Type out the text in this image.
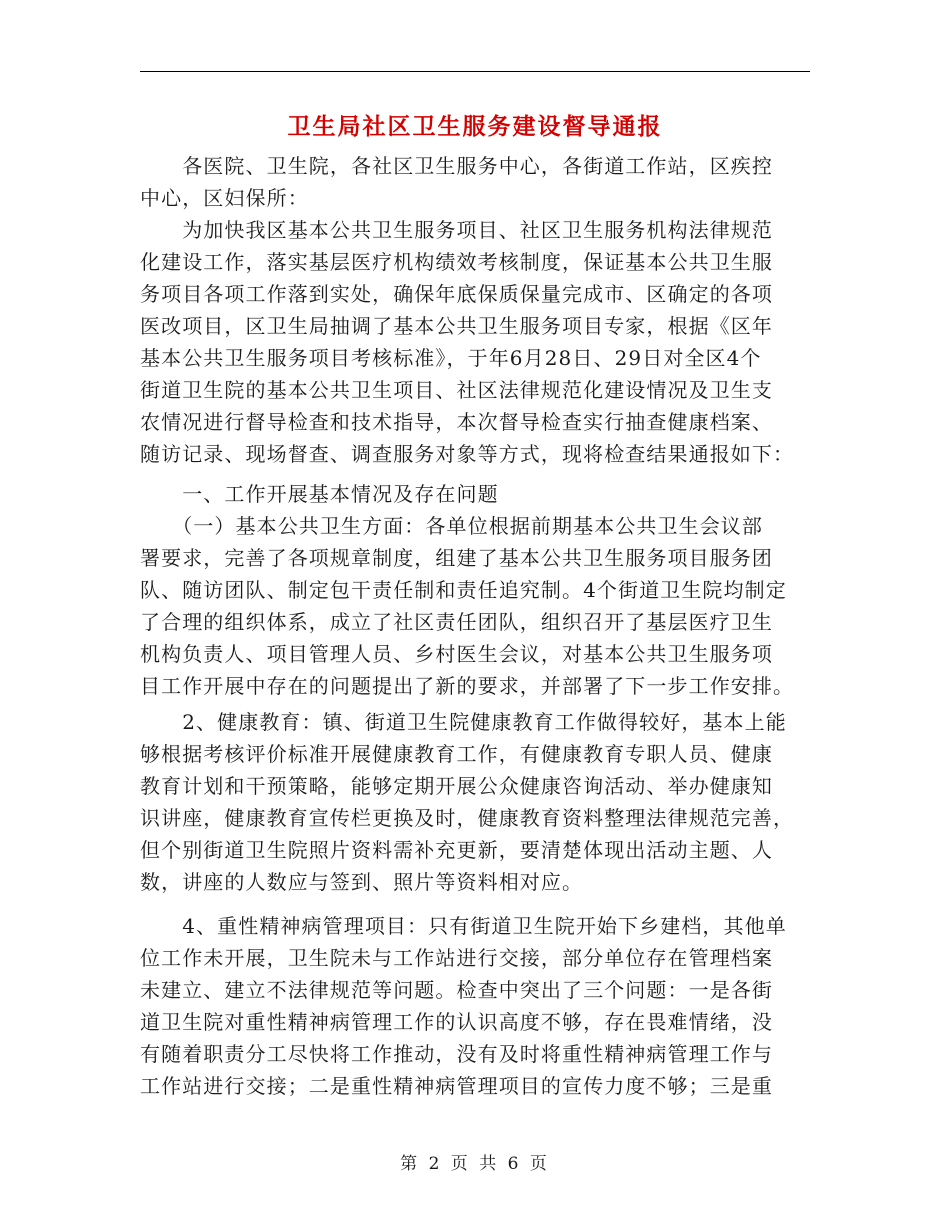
卫生局社区卫生服务建设督导通报
　　各医院、卫生院，各社区卫生服务中心，各街道工作站，区疾控
中心，区妇保所：
　　为加快我区基本公共卫生服务项目、社区卫生服务机构法律规范
化建设工作，落实基层医疗机构绩效考核制度，保证基本公共卫生服
务项目各项工作落到实处，确保年底保质保量完成市、区确定的各项
医改项目，区卫生局抽调了基本公共卫生服务项目专家，根据《区年
基本公共卫生服务项目考核标准》，于年6月28日、29日对全区4个
街道卫生院的基本公共卫生项目、社区法律规范化建设情况及卫生支
农情况进行督导检查和技术指导，本次督导检查实行抽查健康档案、
随访记录、现场督查、调查服务对象等方式，现将检查结果通报如下：
　　一、工作开展基本情况及存在问题
　　（一）基本公共卫生方面：各单位根据前期基本公共卫生会议部
署要求，完善了各项规章制度，组建了基本公共卫生服务项目服务团
队、随访团队、制定包干责任制和责任追究制。4个街道卫生院均制定
了合理的组织体系，成立了社区责任团队，组织召开了基层医疗卫生
机构负责人、项目管理人员、乡村医生会议，对基本公共卫生服务项
目工作开展中存在的问题提出了新的要求，并部署了下一步工作安排。
　　2、健康教育：镇、街道卫生院健康教育工作做得较好，基本上能
够根据考核评价标准开展健康教育工作，有健康教育专职人员、健康
教育计划和干预策略，能够定期开展公众健康咨询活动、举办健康知
识讲座，健康教育宣传栏更换及时，健康教育资料整理法律规范完善，
但个别街道卫生院照片资料需补充更新，要清楚体现出活动主题、人
数，讲座的人数应与签到、照片等资料相对应。
　　4、重性精神病管理项目：只有街道卫生院开始下乡建档，其他单
位工作未开展，卫生院未与工作站进行交接，部分单位存在管理档案
未建立、建立不法律规范等问题。检查中突出了三个问题：一是各街
道卫生院对重性精神病管理工作的认识高度不够，存在畏难情绪，没
有随着职责分工尽快将工作推动，没有及时将重性精神病管理工作与
工作站进行交接；二是重性精神病管理项目的宣传力度不够；三是重
第 2 页 共 6 页
